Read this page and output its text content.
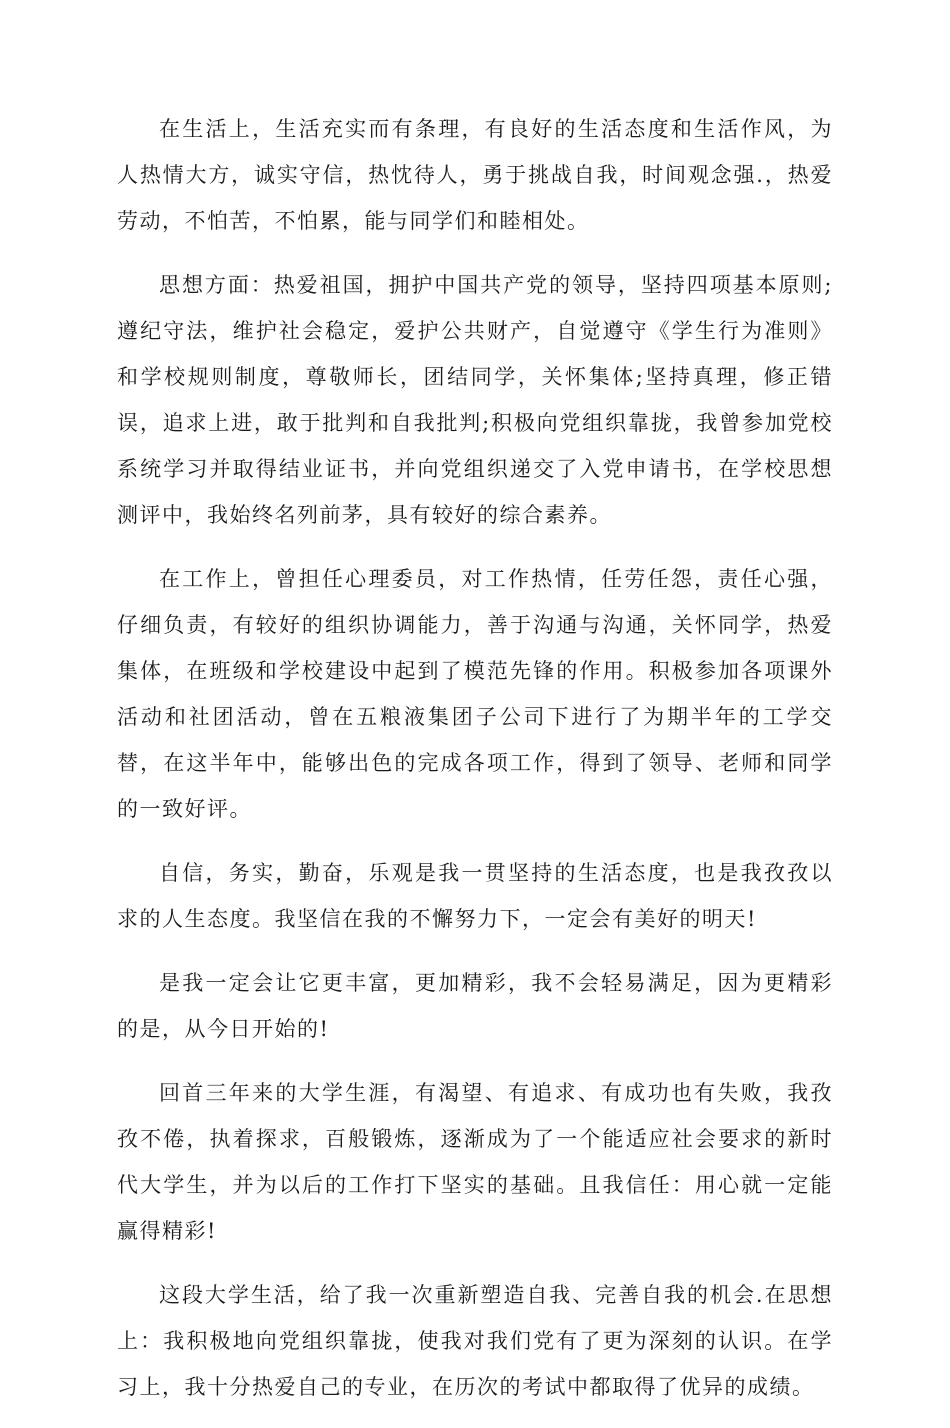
在生活上，生活充实而有条理，有良好的生活态度和生活作风，为人热情大方，诚实守信，热忱待人，勇于挑战自我，时间观念强.，热爱劳动，不怕苦，不怕累，能与同学们和睦相处。

思想方面：热爱祖国，拥护中国共产党的领导，坚持四项基本原则;遵纪守法，维护社会稳定，爱护公共财产，自觉遵守《学生行为准则》和学校规则制度，尊敬师长，团结同学，关怀集体;坚持真理，修正错误，追求上进，敢于批判和自我批判;积极向党组织靠拢，我曾参加党校系统学习并取得结业证书，并向党组织递交了入党申请书，在学校思想测评中，我始终名列前茅，具有较好的综合素养。

在工作上，曾担任心理委员，对工作热情，任劳任怨，责任心强，仔细负责，有较好的组织协调能力，善于沟通与沟通，关怀同学，热爱集体，在班级和学校建设中起到了模范先锋的作用。积极参加各项课外活动和社团活动，曾在五粮液集团子公司下进行了为期半年的工学交替，在这半年中，能够出色的完成各项工作，得到了领导、老师和同学的一致好评。

自信，务实，勤奋，乐观是我一贯坚持的生活态度，也是我孜孜以求的人生态度。我坚信在我的不懈努力下，一定会有美好的明天!

是我一定会让它更丰富，更加精彩，我不会轻易满足，因为更精彩的是，从今日开始的!

回首三年来的大学生涯，有渴望、有追求、有成功也有失败，我孜孜不倦，执着探求，百般锻炼，逐渐成为了一个能适应社会要求的新时代大学生，并为以后的工作打下坚实的基础。且我信任：用心就一定能赢得精彩!

这段大学生活，给了我一次重新塑造自我、完善自我的机会.在思想上：我积极地向党组织靠拢，使我对我们党有了更为深刻的认识。在学习上，我十分热爱自己的专业，在历次的考试中都取得了优异的成绩。
